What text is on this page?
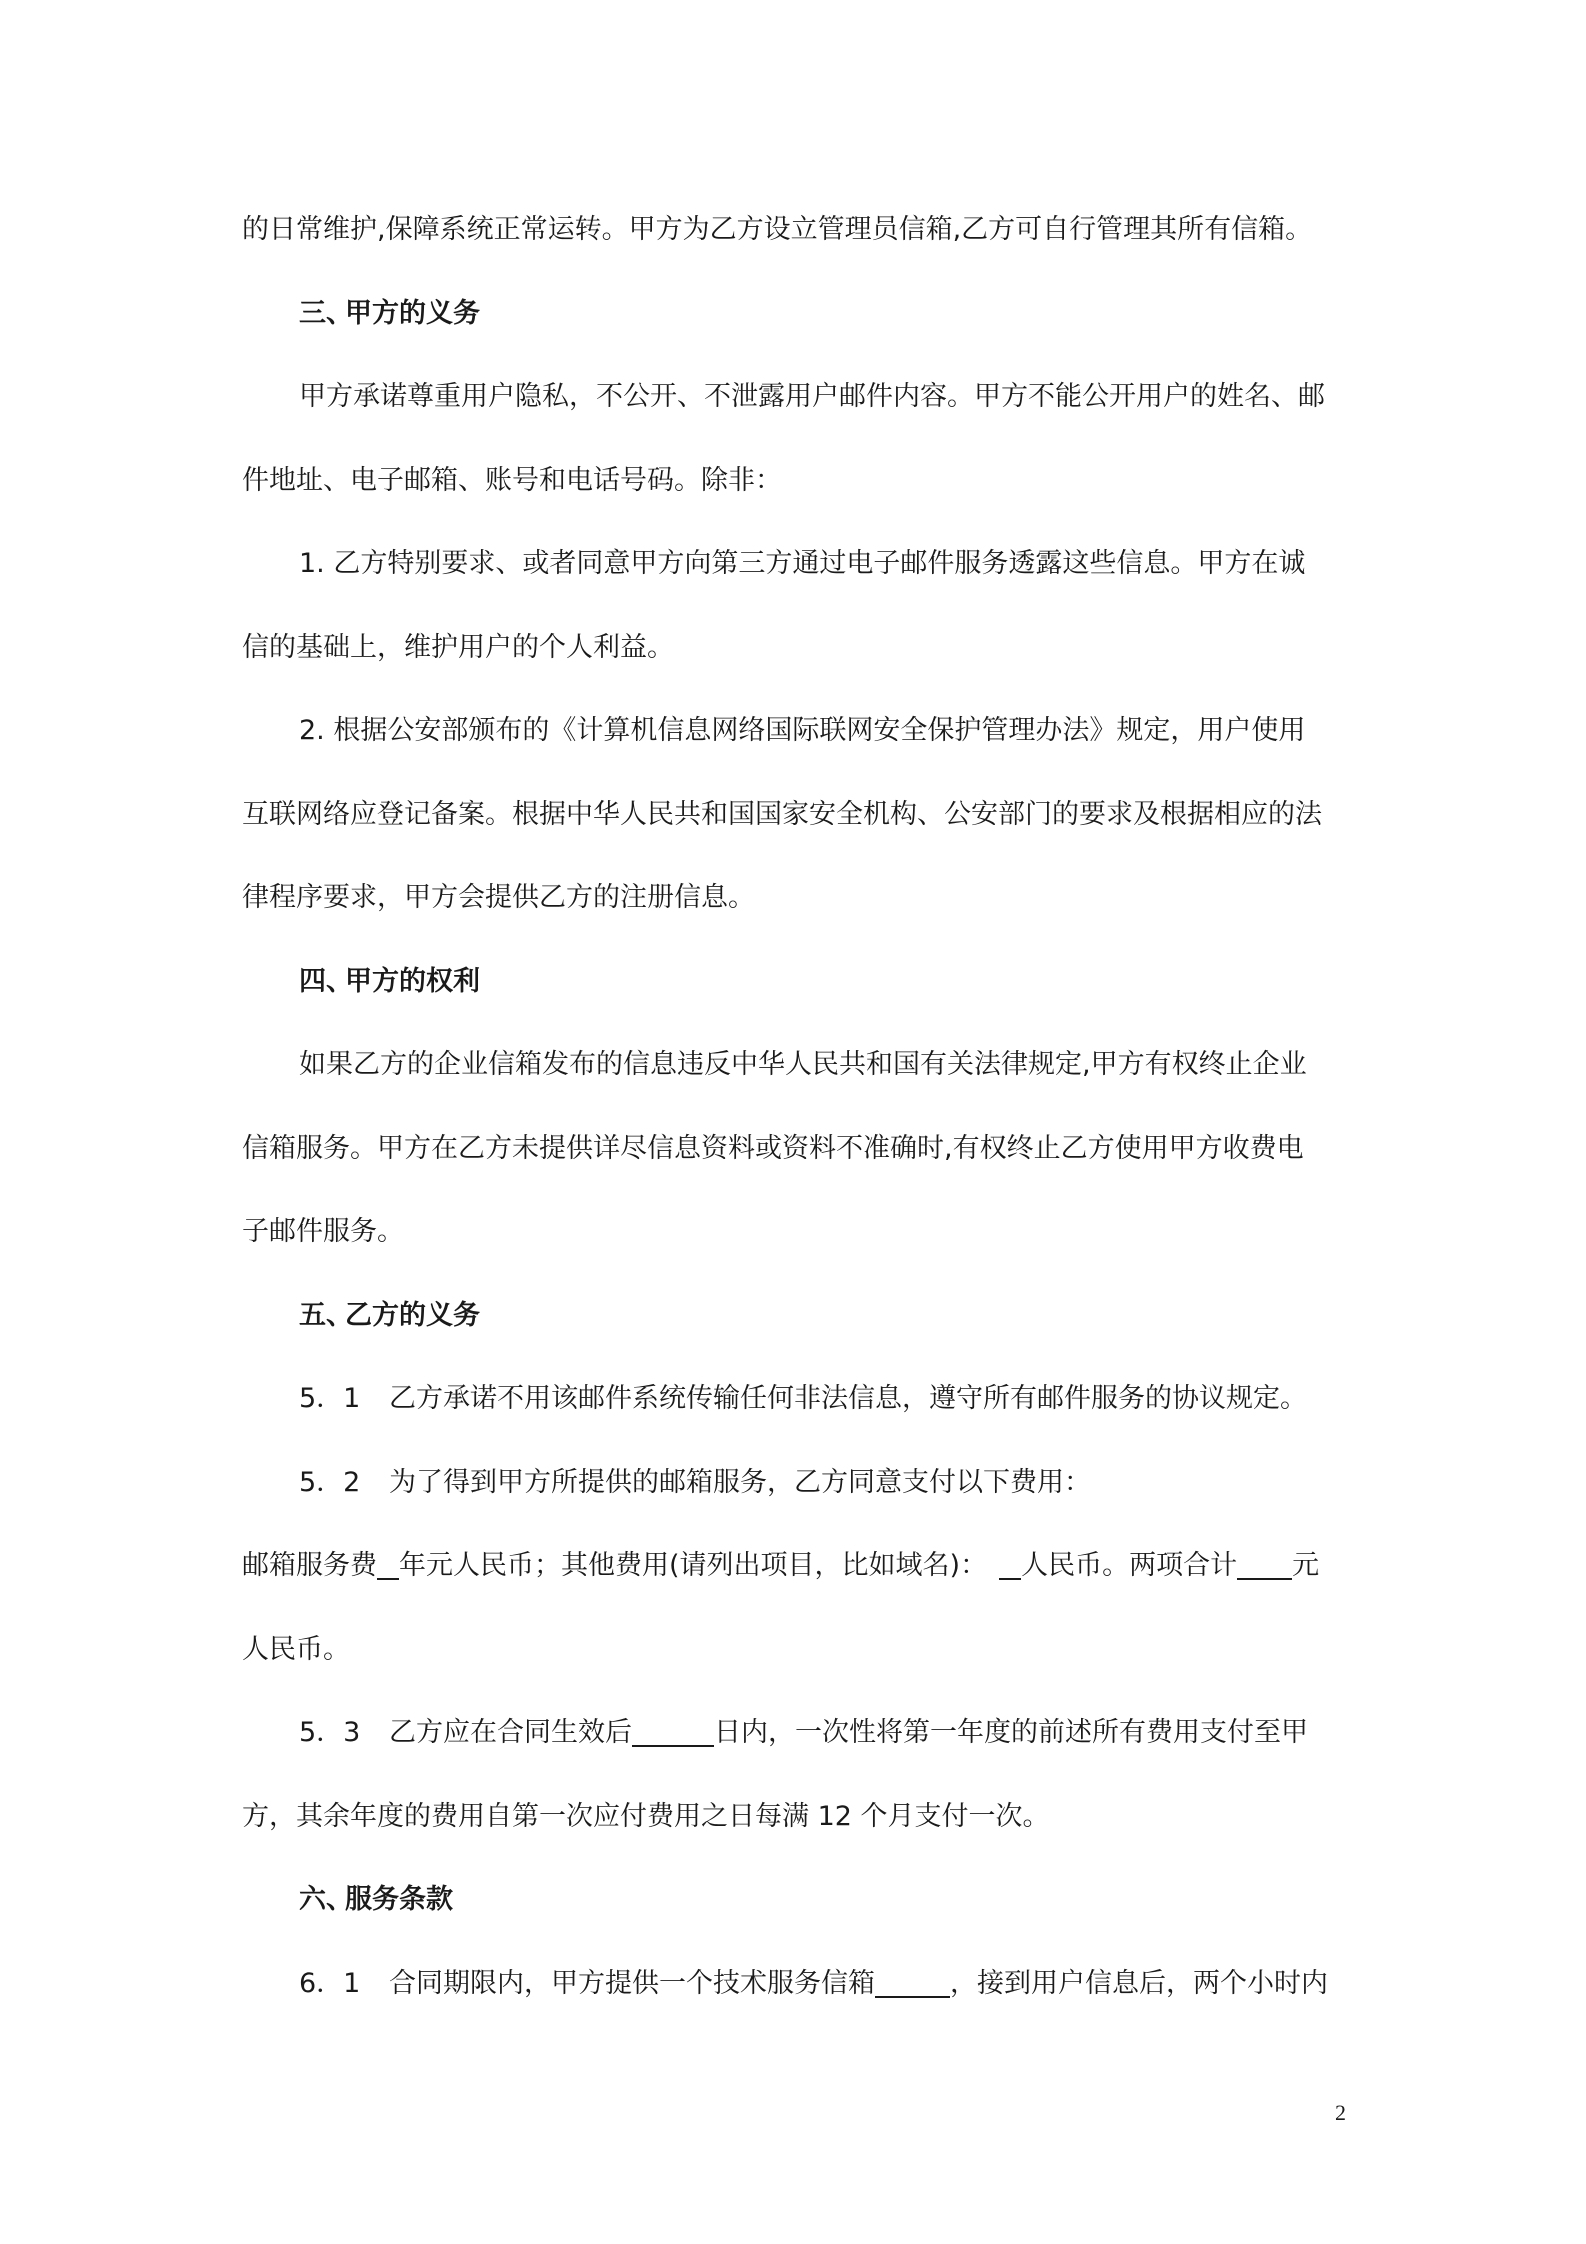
的日常维护,保障系统正常运转。甲方为乙方设立管理员信箱,乙方可自行管理其所有信箱。
三、甲方的义务
甲方承诺尊重用户隐私，不公开、不泄露用户邮件内容。甲方不能公开用户的姓名、邮
件地址、电子邮箱、账号和电话号码。除非：
1. 乙方特别要求、或者同意甲方向第三方通过电子邮件服务透露这些信息。甲方在诚
信的基础上，维护用户的个人利益。
2. 根据公安部颁布的《计算机信息网络国际联网安全保护管理办法》规定，用户使用
互联网络应登记备案。根据中华人民共和国国家安全机构、公安部门的要求及根据相应的法
律程序要求，甲方会提供乙方的注册信息。
四、甲方的权利
如果乙方的企业信箱发布的信息违反中华人民共和国有关法律规定,甲方有权终止企业
信箱服务。甲方在乙方未提供详尽信息资料或资料不准确时,有权终止乙方使用甲方收费电
子邮件服务。
五、乙方的义务
5．1 乙方承诺不用该邮件系统传输任何非法信息，遵守所有邮件服务的协议规定。
5．2 为了得到甲方所提供的邮箱服务，乙方同意支付以下费用：
邮箱服务费 年元人民币；其他费用(请列出项目，比如域名)： 人民币。两项合计 元
人民币。
5．3 乙方应在合同生效后	日内，一次性将第一年度的前述所有费用支付至甲
方，其余年度的费用自第一次应付费用之日每满 12 个月支付一次。
六、服务条款
6．1 合同期限内，甲方提供一个技术服务信箱	，接到用户信息后，两个小时内
2
